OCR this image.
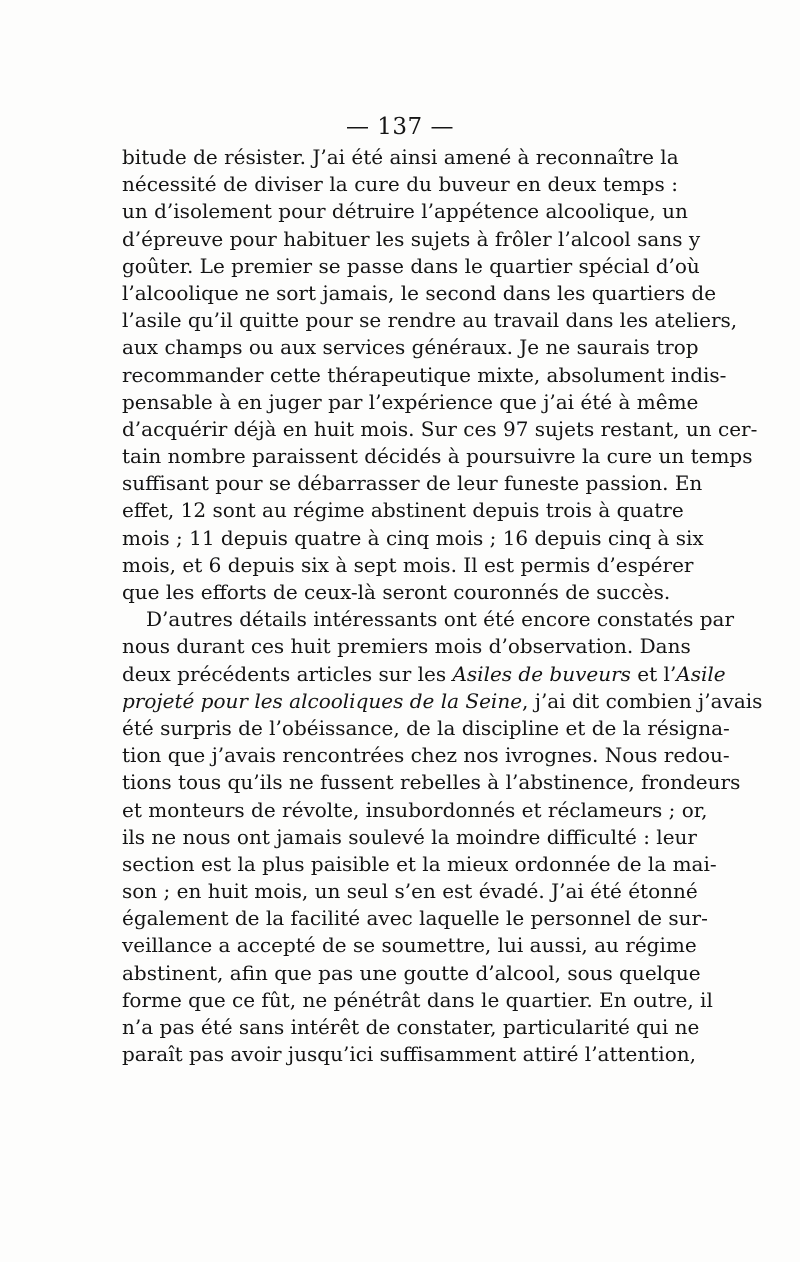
— 137 —
bitude de résister. J’ai été ainsi amené à reconnaître la
nécessité de diviser la cure du buveur en deux temps :
un d’isolement pour détruire l’appétence alcoolique, un
d’épreuve pour habituer les sujets à frôler l’alcool sans y
goûter. Le premier se passe dans le quartier spécial d’où
l’alcoolique ne sort jamais, le second dans les quartiers de
l’asile qu’il quitte pour se rendre au travail dans les ateliers,
aux champs ou aux services généraux. Je ne saurais trop
recommander cette thérapeutique mixte, absolument indis-
pensable à en juger par l’expérience que j’ai été à même
d’acquérir déjà en huit mois. Sur ces 97 sujets restant, un cer-
tain nombre paraissent décidés à poursuivre la cure un temps
suffisant pour se débarrasser de leur funeste passion. En
effet, 12 sont au régime abstinent depuis trois à quatre
mois ; 11 depuis quatre à cinq mois ; 16 depuis cinq à six
mois, et 6 depuis six à sept mois. Il est permis d’espérer
que les efforts de ceux-là seront couronnés de succès.
D’autres détails intéressants ont été encore constatés par
nous durant ces huit premiers mois d’observation. Dans
deux précédents articles sur les Asiles de buveurs et l’Asile
projeté pour les alcooliques de la Seine, j’ai dit combien j’avais
été surpris de l’obéissance, de la discipline et de la résigna-
tion que j’avais rencontrées chez nos ivrognes. Nous redou-
tions tous qu’ils ne fussent rebelles à l’abstinence, frondeurs
et monteurs de révolte, insubordonnés et réclameurs ; or,
ils ne nous ont jamais soulevé la moindre difficulté : leur
section est la plus paisible et la mieux ordonnée de la mai-
son ; en huit mois, un seul s’en est évadé. J’ai été étonné
également de la facilité avec laquelle le personnel de sur-
veillance a accepté de se soumettre, lui aussi, au régime
abstinent, afin que pas une goutte d’alcool, sous quelque
forme que ce fût, ne pénétrât dans le quartier. En outre, il
n’a pas été sans intérêt de constater, particularité qui ne
paraît pas avoir jusqu’ici suffisamment attiré l’attention,
